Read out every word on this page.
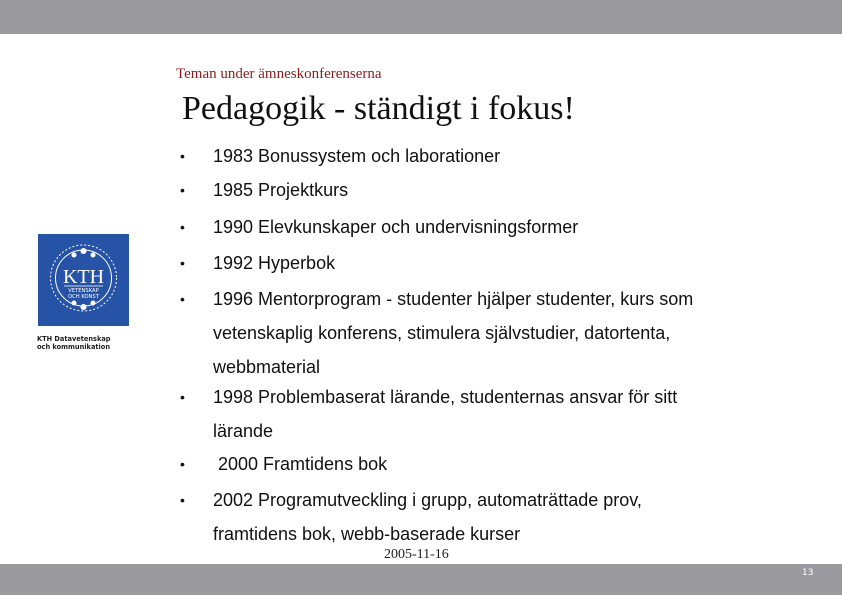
Teman under ämneskonferenserna
Pedagogik - ständigt i fokus!
KTH
VETENSKAP
OCH KONST
KTH Datavetenskap
och kommunikation
•	1983 Bonussystem och laborationer
•	1985 Projektkurs
•	1990 Elevkunskaper och undervisningsformer
•	1992 Hyperbok
•	1996 Mentorprogram - studenter hjälper studenter, kurs som
vetenskaplig konferens, stimulera självstudier, datortenta,
webbmaterial
•	1998 Problembaserat lärande, studenternas ansvar för sitt
lärande
•	2000 Framtidens bok
•	2002 Programutveckling i grupp, automaträttade prov,
framtidens bok, webb-baserade kurser
2005-11-16
13
